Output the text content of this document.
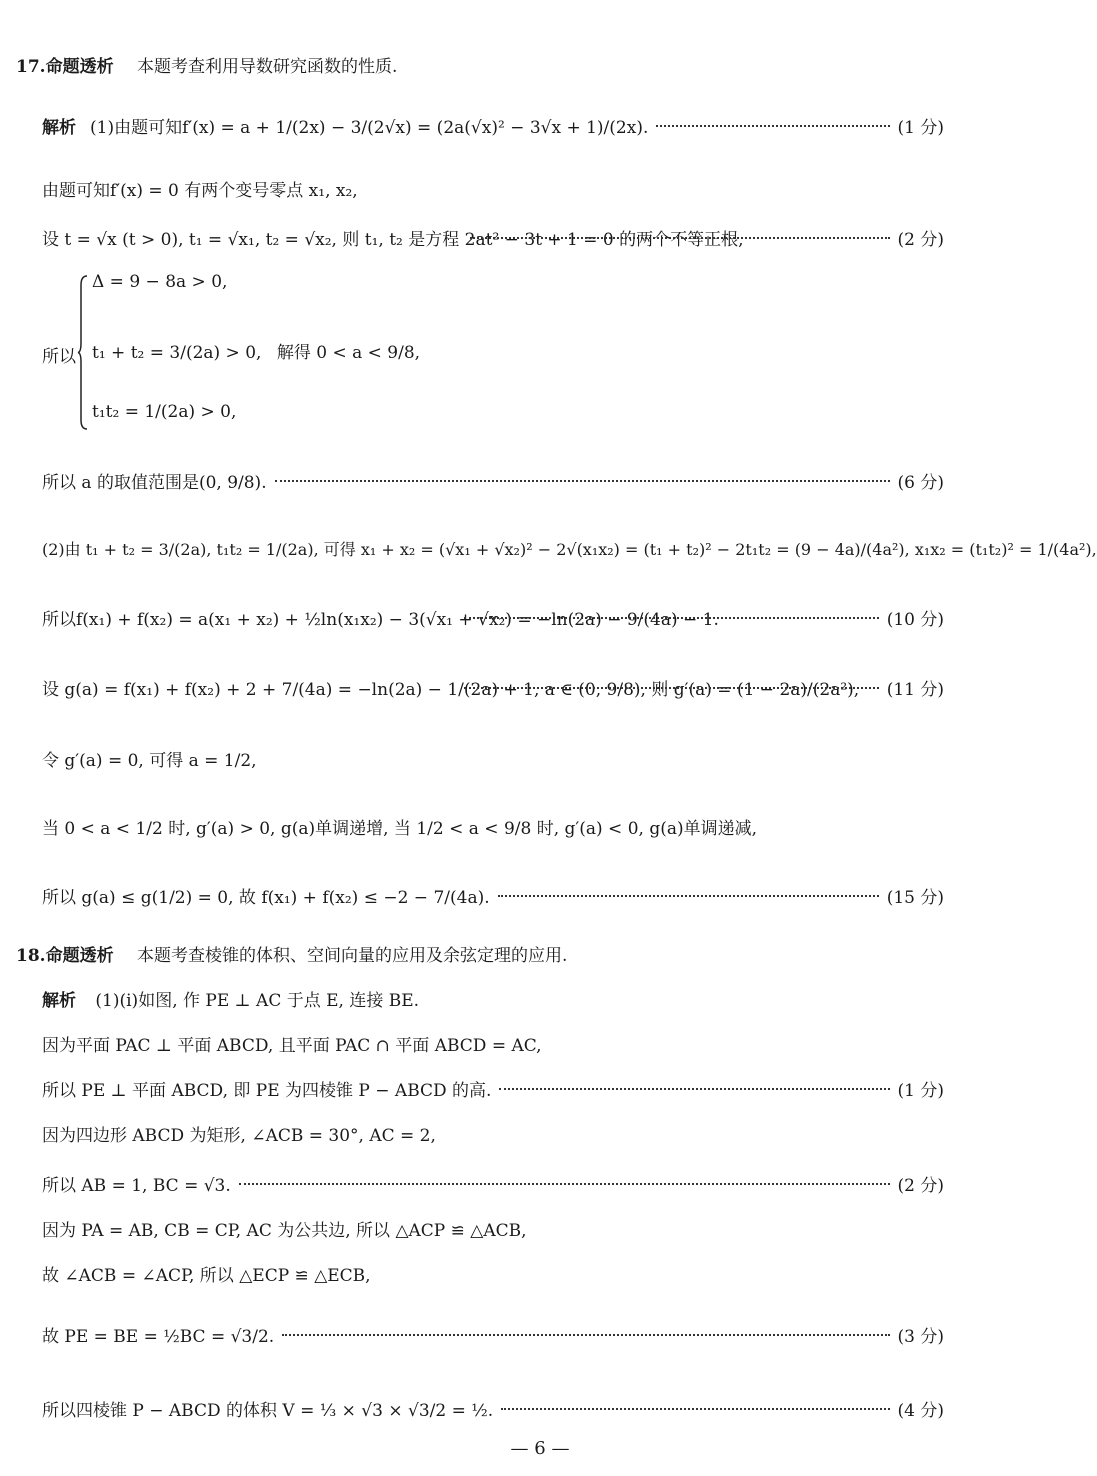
17.命题透析 本题考查利用导数研究函数的性质.
解析 (1)由题可知f′(x) = a + 1/(2x) − 3/(2√x) = (2a(√x)² − 3√x + 1)/(2x).	(1 分)
由题可知f′(x) = 0 有两个变号零点 x₁, x₂,
设 t = √x (t > 0), t₁ = √x₁, t₂ = √x₂, 则 t₁, t₂ 是方程 2at² − 3t + 1 = 0 的两个不等正根,	(2 分)
所以
Δ = 9 − 8a > 0,
t₁ + t₂ = 3/(2a) > 0, 解得 0 < a < 9/8,
t₁t₂ = 1/(2a) > 0,
所以 a 的取值范围是(0, 9/8).	(6 分)
(2)由 t₁ + t₂ = 3/(2a), t₁t₂ = 1/(2a), 可得 x₁ + x₂ = (√x₁ + √x₂)² − 2√(x₁x₂) = (t₁ + t₂)² − 2t₁t₂ = (9 − 4a)/(4a²), x₁x₂ = (t₁t₂)² = 1/(4a²),
所以f(x₁) + f(x₂) = a(x₁ + x₂) + ½ln(x₁x₂) − 3(√x₁ + √x₂) = −ln(2a) − 9/(4a) − 1.	(10 分)
设 g(a) = f(x₁) + f(x₂) + 2 + 7/(4a) = −ln(2a) − 1/(2a) + 1, a ∈ (0, 9/8), 则 g′(a) = (1 − 2a)/(2a²), (11 分)
令 g′(a) = 0, 可得 a = 1/2,
当 0 < a < 1/2 时, g′(a) > 0, g(a)单调递增, 当 1/2 < a < 9/8 时, g′(a) < 0, g(a)单调递减,
所以 g(a) ≤ g(1/2) = 0, 故 f(x₁) + f(x₂) ≤ −2 − 7/(4a).	(15 分)
18.命题透析 本题考查棱锥的体积、空间向量的应用及余弦定理的应用.
解析 (1)(ⅰ)如图, 作 PE ⊥ AC 于点 E, 连接 BE.
因为平面 PAC ⊥ 平面 ABCD, 且平面 PAC ∩ 平面 ABCD = AC,
所以 PE ⊥ 平面 ABCD, 即 PE 为四棱锥 P − ABCD 的高.	(1 分)
因为四边形 ABCD 为矩形, ∠ACB = 30°, AC = 2,
所以 AB = 1, BC = √3.	(2 分)
因为 PA = AB, CB = CP, AC 为公共边, 所以 △ACP ≌ △ACB,
故 ∠ACB = ∠ACP, 所以 △ECP ≌ △ECB,
故 PE = BE = ½BC = √3/2.	(3 分)
所以四棱锥 P − ABCD 的体积 V = ⅓ × √3 × √3/2 = ½.	(4 分)
— 6 —
